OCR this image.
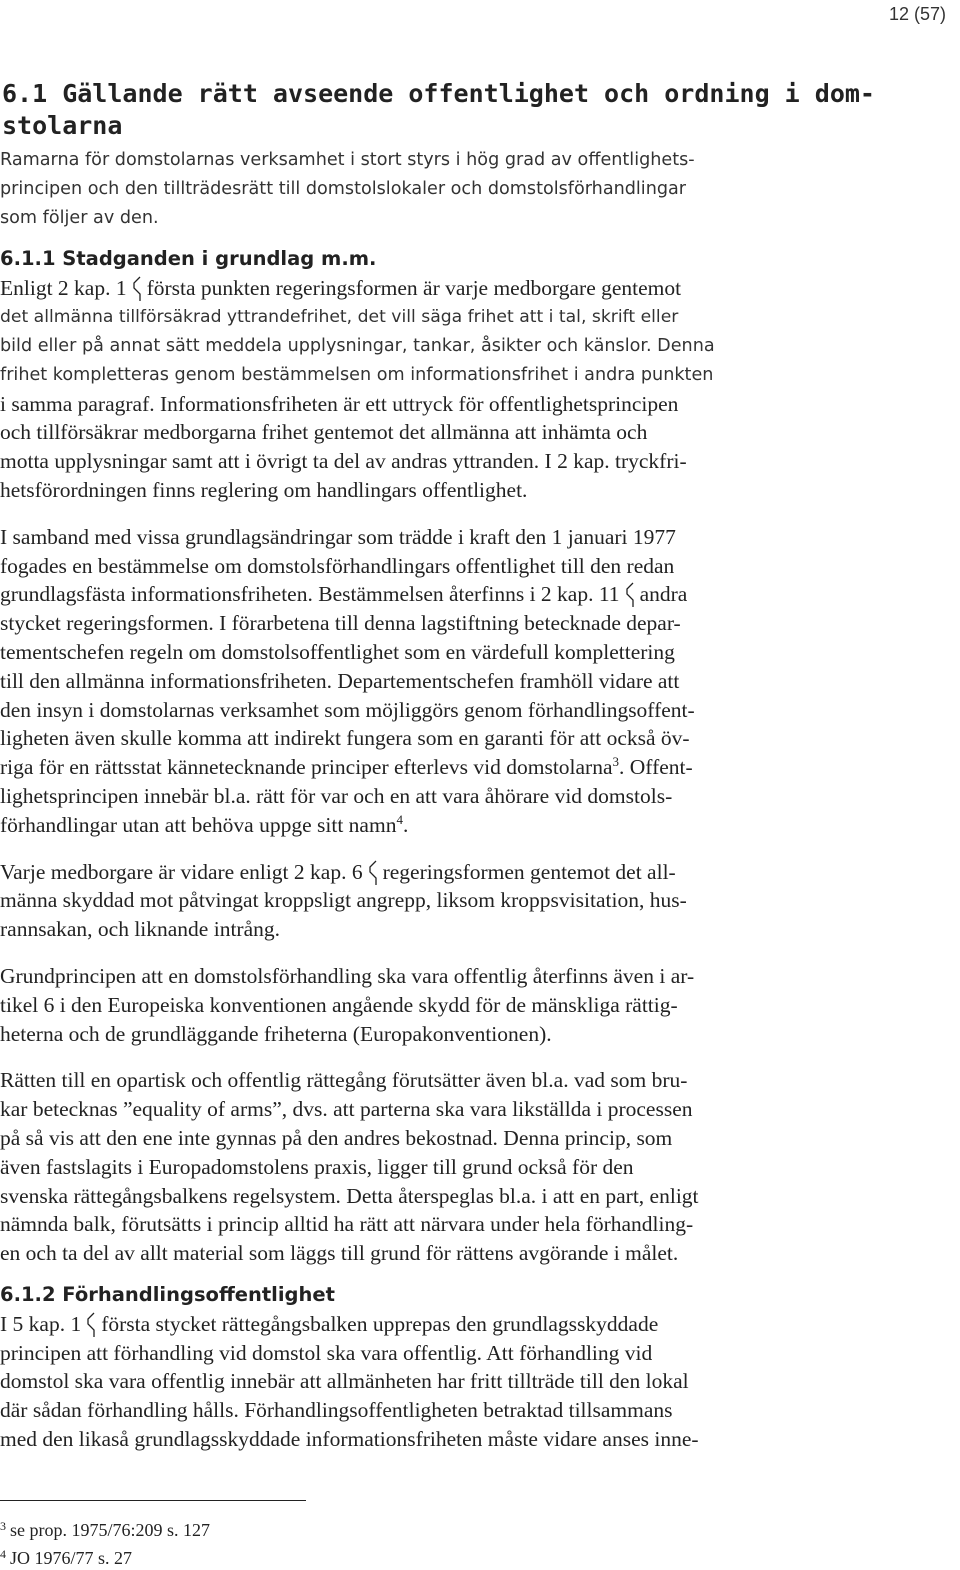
12 (57)
6.1 Gällande rätt avseende offentlighet och ordning i dom-
stolarna

Ramarna för domstolarnas verksamhet i stort styrs i hög grad av offentlighets-
principen och den tillträdesrätt till domstolslokaler och domstolsförhandlingar
som följer av den.

6.1.1 Stadganden i grundlag m.m.

Enligt 2 kap. 1 första punkten regeringsformen är varje medborgare gentemot
det allmänna tillförsäkrad yttrandefrihet, det vill säga frihet att i tal, skrift eller
bild eller på annat sätt meddela upplysningar, tankar, åsikter och känslor. Denna
frihet kompletteras genom bestämmelsen om informationsfrihet i andra punkten
i samma paragraf. Informationsfriheten är ett uttryck för offentlighetsprincipen
och tillförsäkrar medborgarna frihet gentemot det allmänna att inhämta och
motta upplysningar samt att i övrigt ta del av andras yttranden. I 2 kap. tryckfri-
hetsförordningen finns reglering om handlingars offentlighet.

I samband med vissa grundlagsändringar som trädde i kraft den 1 januari 1977
fogades en bestämmelse om domstolsförhandlingars offentlighet till den redan
grundlagsfästa informationsfriheten. Bestämmelsen återfinns i 2 kap. 11 andra
stycket regeringsformen. I förarbetena till denna lagstiftning betecknade depar-
tementschefen regeln om domstolsoffentlighet som en värdefull komplettering
till den allmänna informationsfriheten. Departementschefen framhöll vidare att
den insyn i domstolarnas verksamhet som möjliggörs genom förhandlingsoffent-
ligheten även skulle komma att indirekt fungera som en garanti för att också öv-
riga för en rättsstat kännetecknande principer efterlevs vid domstolarna$^3$. Offent-
lighetsprincipen innebär bl.a. rätt för var och en att vara åhörare vid domstols-
förhandlingar utan att behöva uppge sitt namn$^4$.

Varje medborgare är vidare enligt 2 kap. 6 regeringsformen gentemot det all-
männa skyddad mot påtvingat kroppsligt angrepp, liksom kroppsvisitation, hus-
rannsakan, och liknande intrång.

Grundprincipen att en domstolsförhandling ska vara offentlig återfinns även i ar-
tikel 6 i den Europeiska konventionen angående skydd för de mänskliga rättig-
heterna och de grundläggande friheterna (Europakonventionen).

Rätten till en opartisk och offentlig rättegång förutsätter även bl.a. vad som bru-
kar betecknas ”equality of arms”, dvs. att parterna ska vara likställda i processen
på så vis att den ene inte gynnas på den andres bekostnad. Denna princip, som
även fastslagits i Europadomstolens praxis, ligger till grund också för den
svenska rättegångsbalkens regelsystem. Detta återspeglas bl.a. i att en part, enligt
nämnda balk, förutsätts i princip alltid ha rätt att närvara under hela förhandling-
en och ta del av allt material som läggs till grund för rättens avgörande i målet.

6.1.2 Förhandlingsoffentlighet

I 5 kap. 1 första stycket rättegångsbalken upprepas den grundlagsskyddade
principen att förhandling vid domstol ska vara offentlig. Att förhandling vid
domstol ska vara offentlig innebär att allmänheten har fritt tillträde till den lokal
där sådan förhandling hålls. Förhandlingsoffentligheten betraktad tillsammans
med den likaså grundlagsskyddade informationsfriheten måste vidare anses inne-

$^3$ se prop. 1975/76:209 s. 127
$^4$ JO 1976/77 s. 27
